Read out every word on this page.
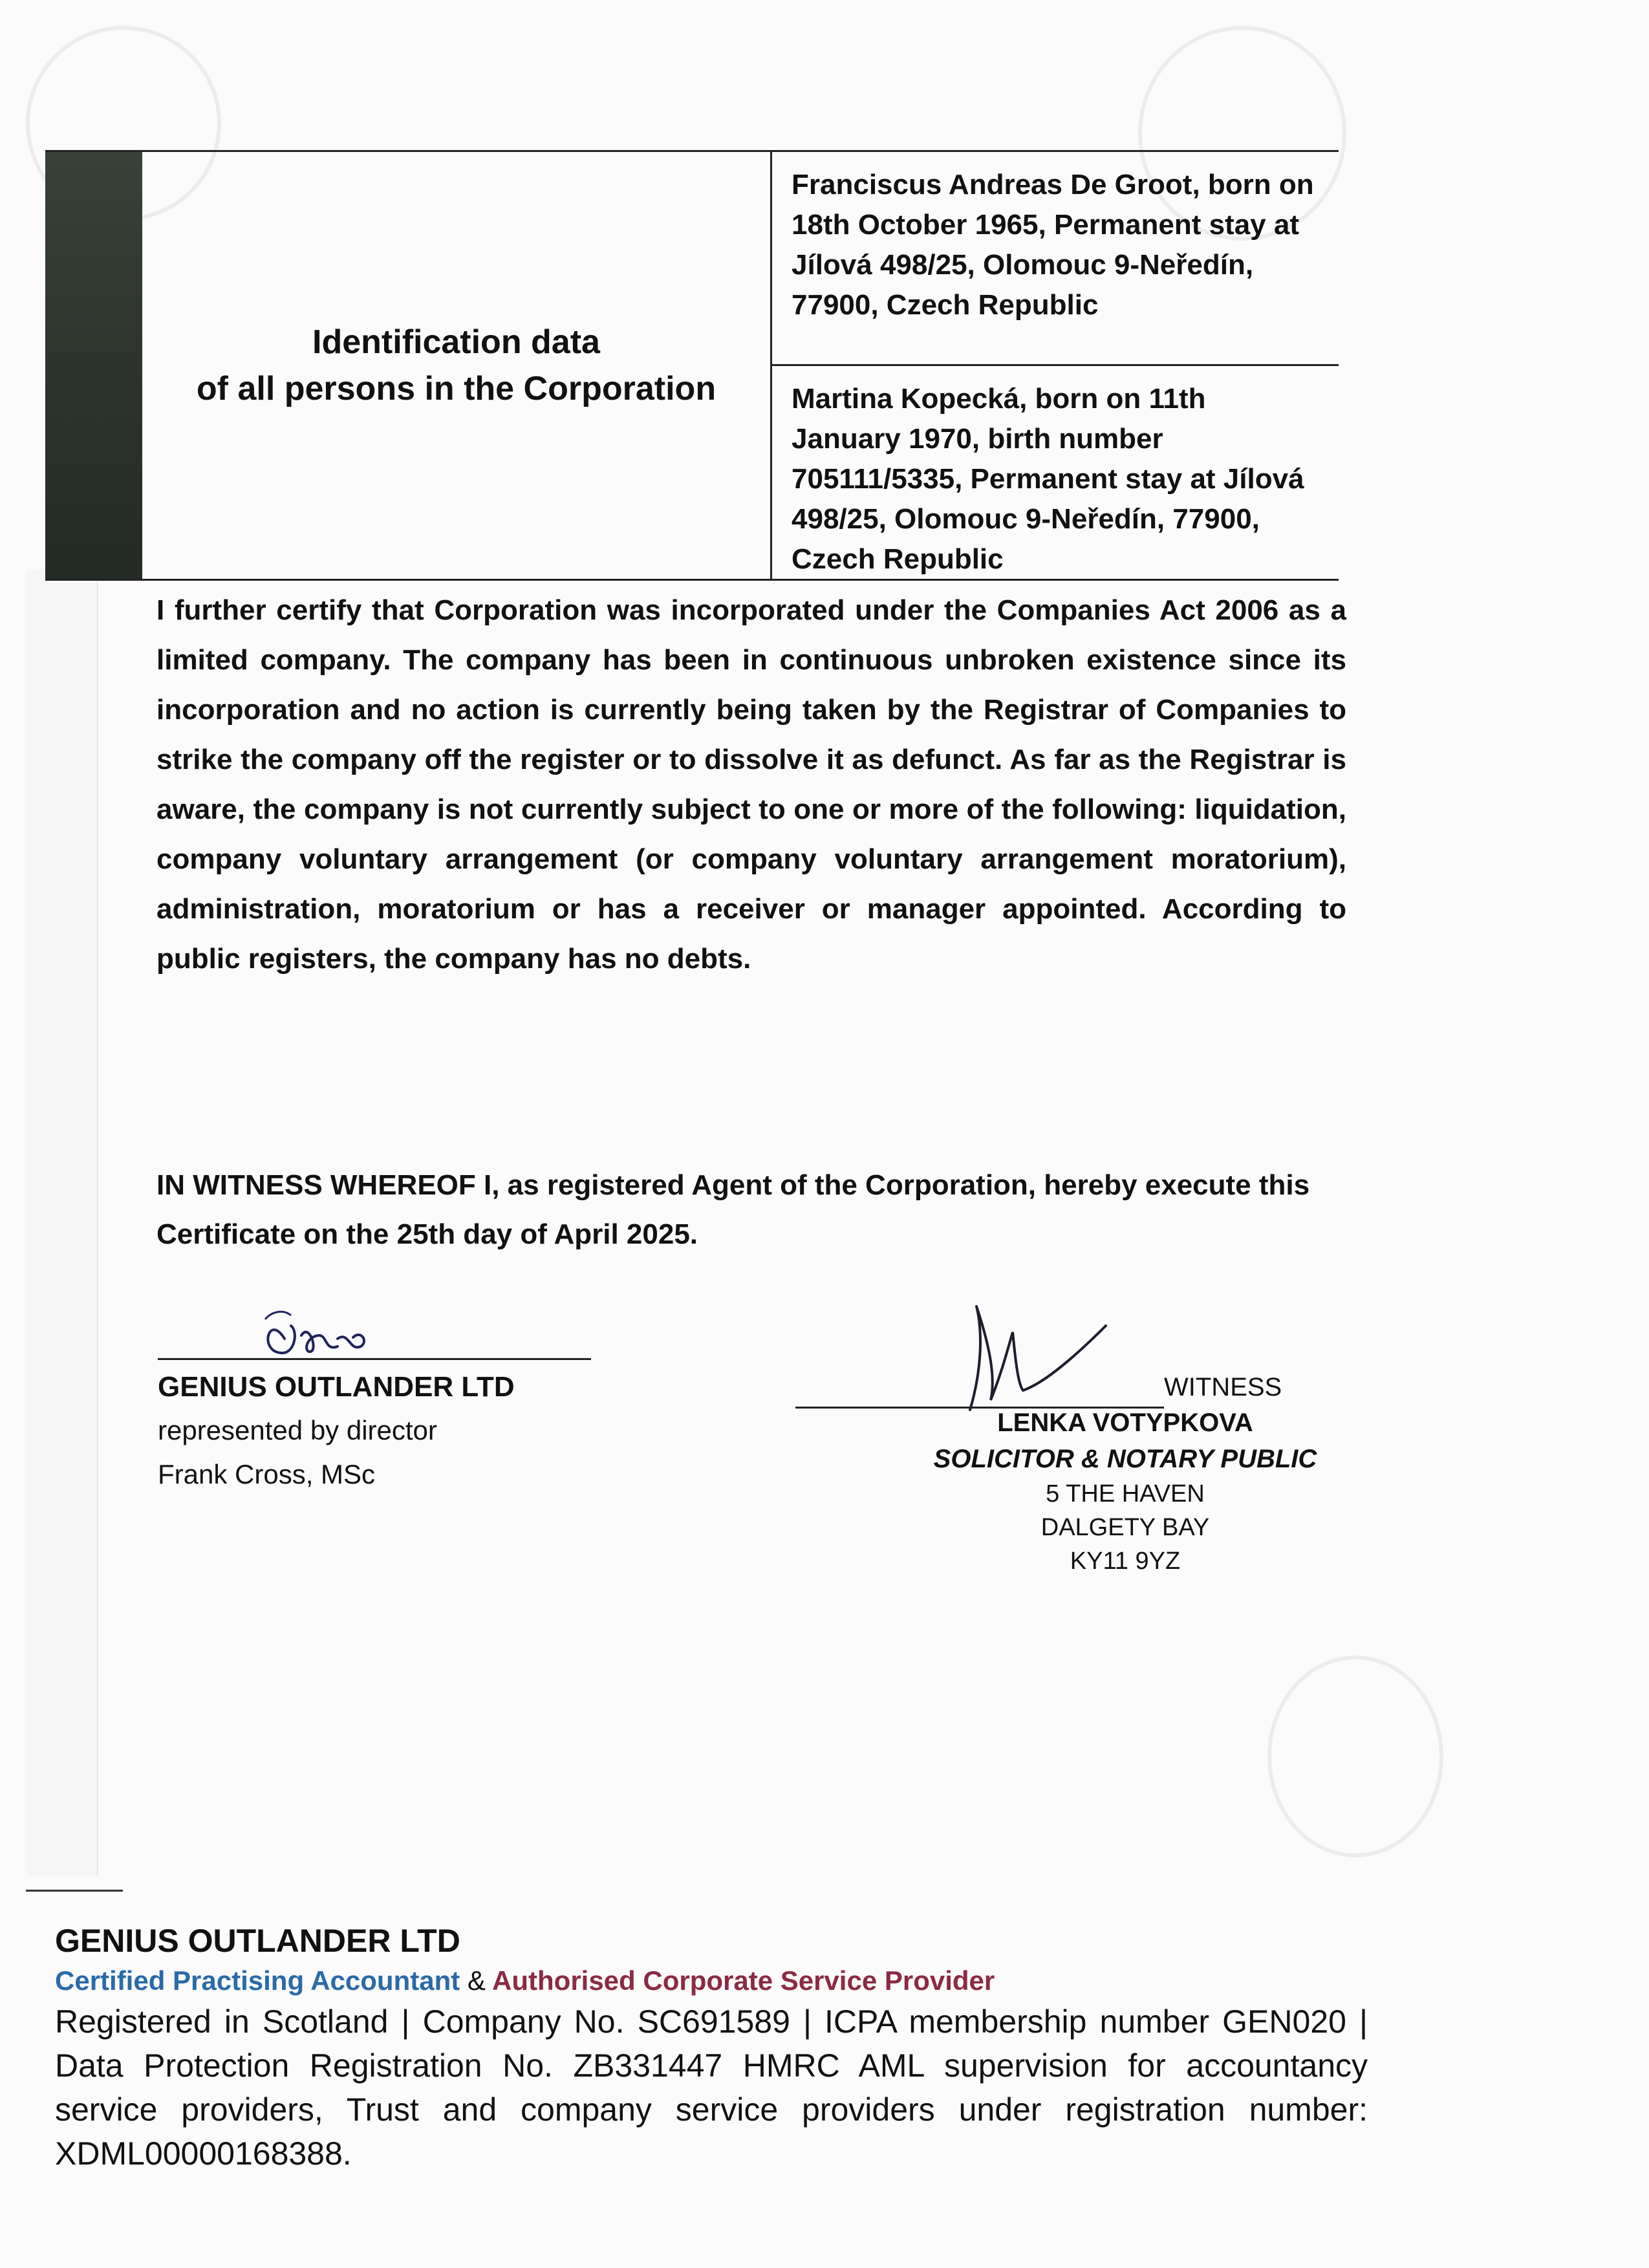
Identification data
of all persons in the Corporation
Franciscus Andreas De Groot, born on 18th October 1965, Permanent stay at Jílová 498/25, Olomouc 9-Neředín, 77900, Czech Republic
Martina Kopecká, born on 11th January 1970, birth number 705111/5335, Permanent stay at Jílová 498/25, Olomouc 9-Neředín, 77900, Czech Republic
I further certify that Corporation was incorporated under the Companies Act 2006 as a limited company. The company has been in continuous unbroken existence since its incorporation and no action is currently being taken by the Registrar of Companies to strike the company off the register or to dissolve it as defunct. As far as the Registrar is aware, the company is not currently subject to one or more of the following: liquidation, company voluntary arrangement (or company voluntary arrangement moratorium), administration, moratorium or has a receiver or manager appointed. According to public registers, the company has no debts.
IN WITNESS WHEREOF I, as registered Agent of the Corporation, hereby execute this Certificate on the 25th day of April 2025.
GENIUS OUTLANDER LTD
represented by director
Frank Cross, MSc
WITNESS
LENKA VOTYPKOVA
SOLICITOR & NOTARY PUBLIC
5 THE HAVEN
DALGETY BAY
KY11 9YZ
GENIUS OUTLANDER LTD
Certified Practising Accountant & Authorised Corporate Service Provider
Registered in Scotland | Company No. SC691589 | ICPA membership number GEN020 | Data Protection Registration No. ZB331447 HMRC AML supervision for accountancy service providers, Trust and company service providers under registration number: XDML00000168388.
